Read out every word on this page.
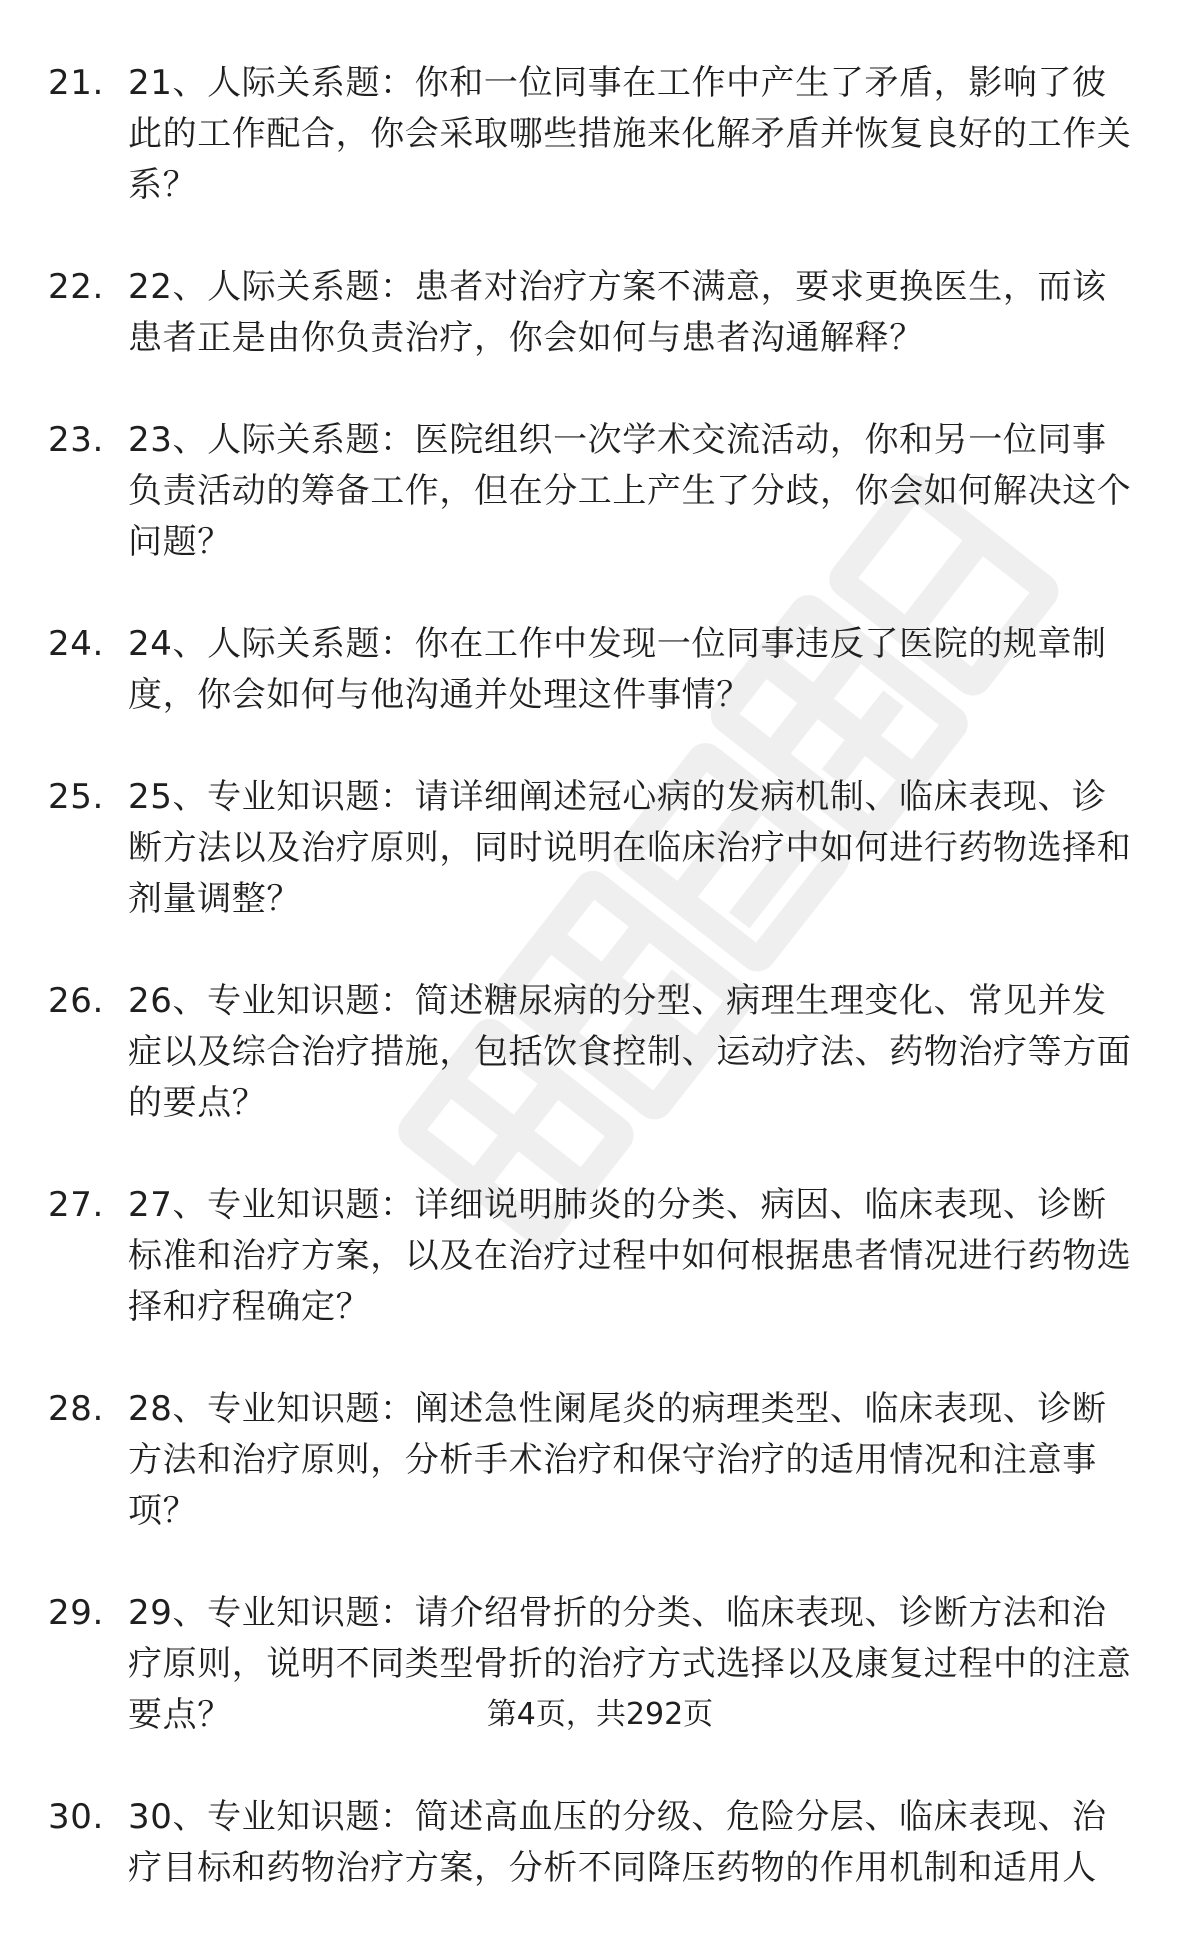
21. 21、人际关系题：你和一位同事在工作中产生了矛盾，影响了彼此的工作配合，你会采取哪些措施来化解矛盾并恢复良好的工作关系？
22. 22、人际关系题：患者对治疗方案不满意，要求更换医生，而该患者正是由你负责治疗，你会如何与患者沟通解释？
23. 23、人际关系题：医院组织一次学术交流活动，你和另一位同事负责活动的筹备工作，但在分工上产生了分歧，你会如何解决这个问题？
24. 24、人际关系题：你在工作中发现一位同事违反了医院的规章制度，你会如何与他沟通并处理这件事情？
25. 25、专业知识题：请详细阐述冠心病的发病机制、临床表现、诊断方法以及治疗原则，同时说明在临床治疗中如何进行药物选择和剂量调整？
26. 26、专业知识题：简述糖尿病的分型、病理生理变化、常见并发症以及综合治疗措施，包括饮食控制、运动疗法、药物治疗等方面的要点？
27. 27、专业知识题：详细说明肺炎的分类、病因、临床表现、诊断标准和治疗方案，以及在治疗过程中如何根据患者情况进行药物选择和疗程确定？
28. 28、专业知识题：阐述急性阑尾炎的病理类型、临床表现、诊断方法和治疗原则，分析手术治疗和保守治疗的适用情况和注意事项？
29. 29、专业知识题：请介绍骨折的分类、临床表现、诊断方法和治疗原则，说明不同类型骨折的治疗方式选择以及康复过程中的注意要点？
30. 30、专业知识题：简述高血压的分级、危险分层、临床表现、治疗目标和药物治疗方案，分析不同降压药物的作用机制和适用人
第4页，共292页
